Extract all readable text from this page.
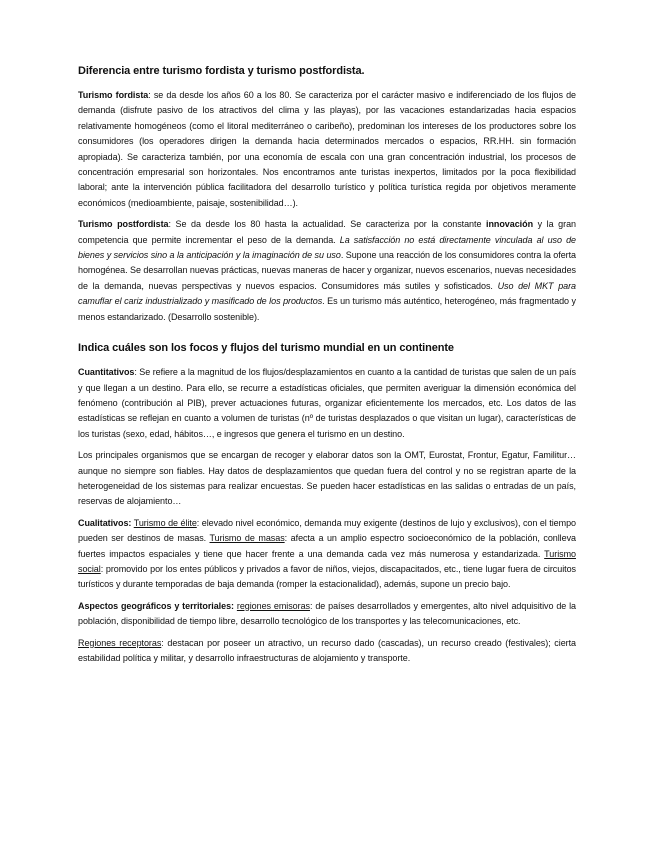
Diferencia entre turismo fordista y turismo postfordista.

Turismo fordista: se da desde los años 60 a los 80. Se caracteriza por el carácter masivo e indiferenciado de los flujos de demanda (disfrute pasivo de los atractivos del clima y las playas), por las vacaciones estandarizadas hacia espacios relativamente homogéneos (como el litoral mediterráneo o caribeño), predominan los intereses de los productores sobre los consumidores (los operadores dirigen la demanda hacia determinados mercados o espacios, RR.HH. sin formación apropiada). Se caracteriza también, por una economía de escala con una gran concentración industrial, los procesos de concentración empresarial son horizontales. Nos encontramos ante turistas inexpertos, limitados por la poca flexibilidad laboral; ante la intervención pública facilitadora del desarrollo turístico y política turística regida por objetivos meramente económicos (medioambiente, paisaje, sostenibilidad…).

Turismo postfordista: Se da desde los 80 hasta la actualidad. Se caracteriza por la constante innovación y la gran competencia que permite incrementar el peso de la demanda. La satisfacción no está directamente vinculada al uso de bienes y servicios sino a la anticipación y la imaginación de su uso. Supone una reacción de los consumidores contra la oferta homogénea. Se desarrollan nuevas prácticas, nuevas maneras de hacer y organizar, nuevos escenarios, nuevas necesidades de la demanda, nuevas perspectivas y nuevos espacios. Consumidores más sutiles y sofisticados. Uso del MKT para camuflar el cariz industrializado y masificado de los productos. Es un turismo más auténtico, heterogéneo, más fragmentado y menos estandarizado. (Desarrollo sostenible).

Indica cuáles son los focos y flujos del turismo mundial en un continente

Cuantitativos: Se refiere a la magnitud de los flujos/desplazamientos en cuanto a la cantidad de turistas que salen de un país y que llegan a un destino. Para ello, se recurre a estadísticas oficiales, que permiten averiguar la dimensión económica del fenómeno (contribución al PIB), prever actuaciones futuras, organizar eficientemente los mercados, etc. Los datos de las estadísticas se reflejan en cuanto a volumen de turistas (nº de turistas desplazados o que visitan un lugar), características de los turistas (sexo, edad, hábitos…, e ingresos que genera el turismo en un destino.

Los principales organismos que se encargan de recoger y elaborar datos son la OMT, Eurostat, Frontur, Egatur, Familitur… aunque no siempre son fiables. Hay datos de desplazamientos que quedan fuera del control y no se registran aparte de la heterogeneidad de los sistemas para realizar encuestas. Se pueden hacer estadísticas en las salidas o entradas de un país, reservas de alojamiento…

Cualitativos: Turismo de élite: elevado nivel económico, demanda muy exigente (destinos de lujo y exclusivos), con el tiempo pueden ser destinos de masas. Turismo de masas: afecta a un amplio espectro socioeconómico de la población, conlleva fuertes impactos espaciales y tiene que hacer frente a una demanda cada vez más numerosa y estandarizada. Turismo social: promovido por los entes públicos y privados a favor de niños, viejos, discapacitados, etc., tiene lugar fuera de circuitos turísticos y durante temporadas de baja demanda (romper la estacionalidad), además, supone un precio bajo.

Aspectos geográficos y territoriales: regiones emisoras: de países desarrollados y emergentes, alto nivel adquisitivo de la población, disponibilidad de tiempo libre, desarrollo tecnológico de los transportes y las telecomunicaciones, etc.

Regiones receptoras: destacan por poseer un atractivo, un recurso dado (cascadas), un recurso creado (festivales); cierta estabilidad política y militar, y desarrollo infraestructuras de alojamiento y transporte.
